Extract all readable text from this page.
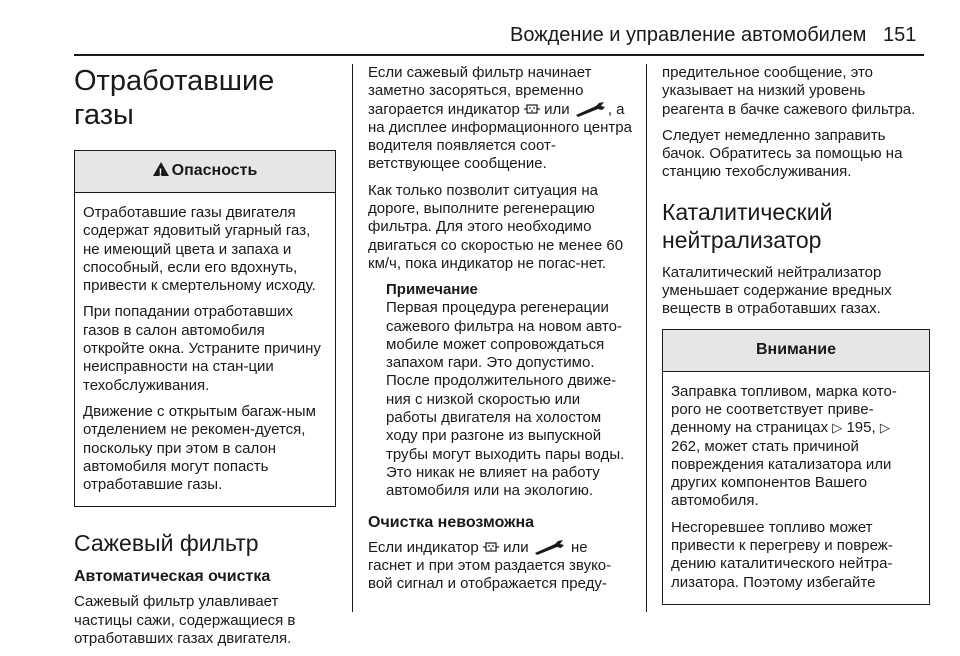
Вождение и управление автомобилем 151
Отработавшие газы
!Опасность

Отработавшие газы двигателя содержат ядовитый угарный газ, не имеющий цвета и запаха и способный, если его вдохнуть, привести к смертельному исходу.

При попадании отработавших газов в салон автомобиля откройте окна. Устраните причину неисправности на стан-ции техобслуживания.

Движение с открытым багаж-ным отделением не рекомен-дуется, поскольку при этом в салон автомобиля могут попасть отработавшие газы.

Сажевый фильтр
Автоматическая очистка

Сажевый фильтр улавливает частицы сажи, содержащиеся в отработавших газах двигателя.

Если сажевый фильтр начинает заметно засоряться, временно загорается индикатор или	, а на дисплее информационного центра водителя появляется соот-ветствующее сообщение.

Как только позволит ситуация на дороге, выполните регенерацию фильтра. Для этого необходимо двигаться со скоростью не менее 60 км/ч, пока индикатор не погас-нет.

Примечание

Первая процедура регенерации сажевого фильтра на новом авто-мобиле может сопровождаться запахом гари. Это допустимо. После продолжительного движе-ния с низкой скоростью или работы двигателя на холостом ходу при разгоне из выпускной трубы могут выходить пары воды. Это никак не влияет на работу автомобиля или на экологию.

Очистка невозможна

Если индикатор или	не гаснет и при этом раздается звуко-вой сигнал и отображается преду-

предительное сообщение, это указывает на низкий уровень реагента в бачке сажевого фильтра.

Следует немедленно заправить бачок. Обратитесь за помощью на станцию техобслуживания.

Каталитический нейтрализатор

Каталитический нейтрализатор уменьшает содержание вредных веществ в отработавших газах.

Внимание

Заправка топливом, марка кото-рого не соответствует приве-денному на страницах ▷ 195, ▷ 262, может стать причиной повреждения катализатора или других компонентов Вашего автомобиля.

Несгоревшее топливо может привести к перегреву и повреж-дению каталитического нейтра-лизатора. Поэтому избегайте
